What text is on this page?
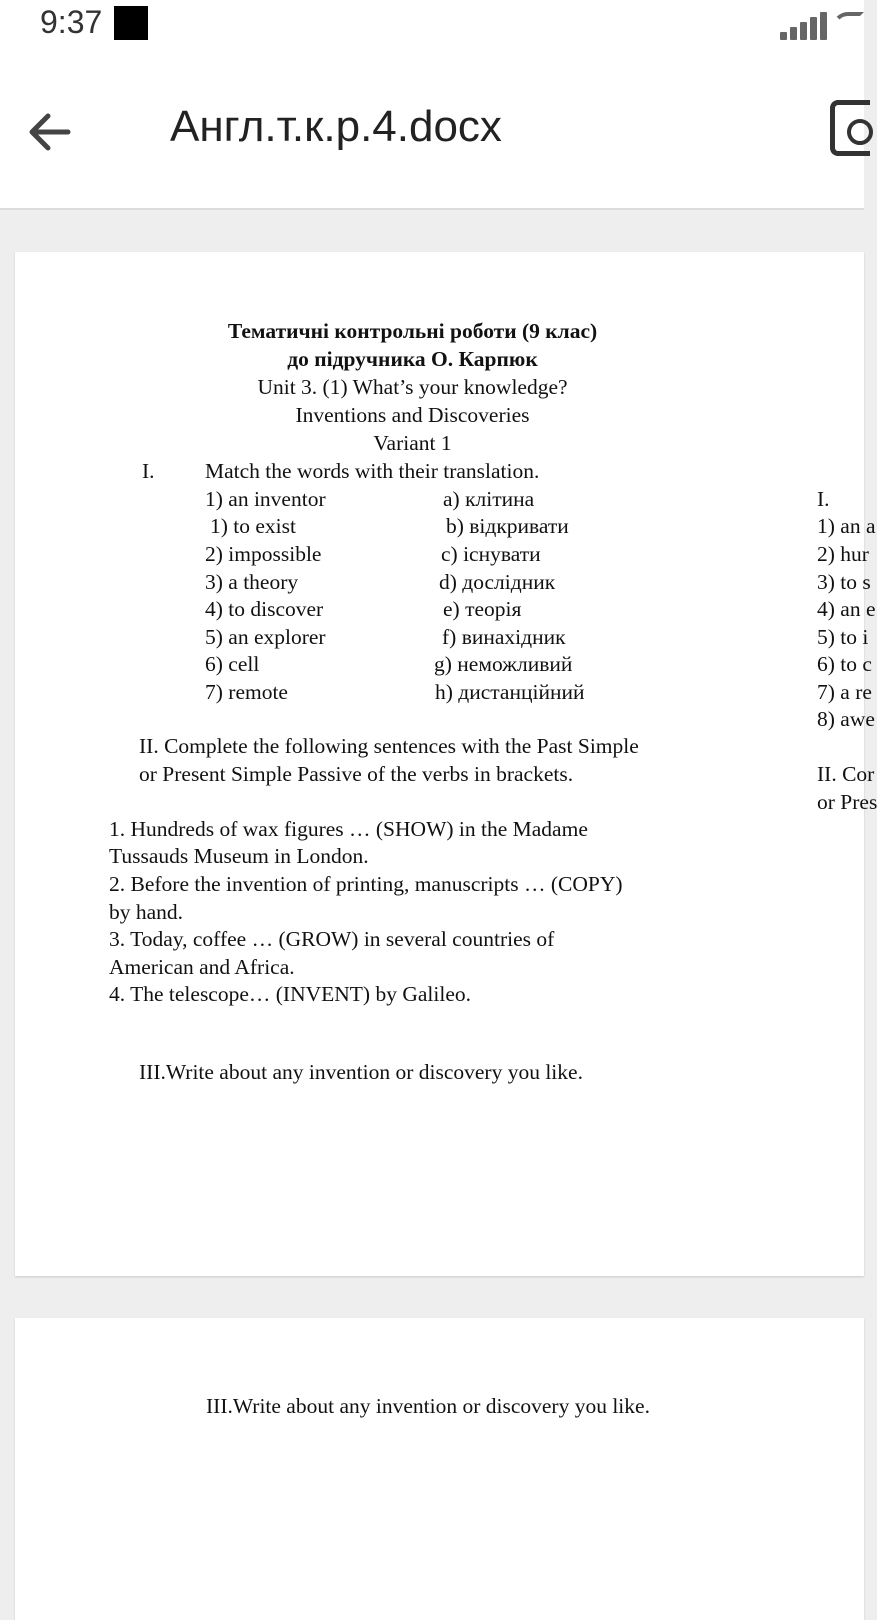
9:37
Англ.т.к.р.4.docx
Тематичні контрольні роботи (9 клас)
до підручника О. Карпюк
Unit 3. (1) What’s your knowledge?
Inventions and Discoveries
Variant 1
I. Match the words with their translation.
1) an inventor
1) to exist
2) impossible
3) a theory
4) to discover
5) an explorer
6) cell
7) remote
а) клітина
b) відкривати
c) існувати
d) дослідник
e) теорія
f) винахідник
g) неможливий
h) дистанційний
II. Complete the following sentences with the Past Simple
or Present Simple Passive of the verbs in brackets.
1. Hundreds of wax figures … (SHOW) in the Madame
Tussauds Museum in London.
2. Before the invention of printing, manuscripts … (COPY)
by hand.
3. Today, coffee … (GROW) in several countries of
American and Africa.
4. The telescope… (INVENT) by Galileo.
III.Write about any invention or discovery you like.
I.
1) an a
2) hur
3) to s
4) an e
5) to i
6) to c
7) a re
8) awe
II. Cor
or Pres
III.Write about any invention or discovery you like.
